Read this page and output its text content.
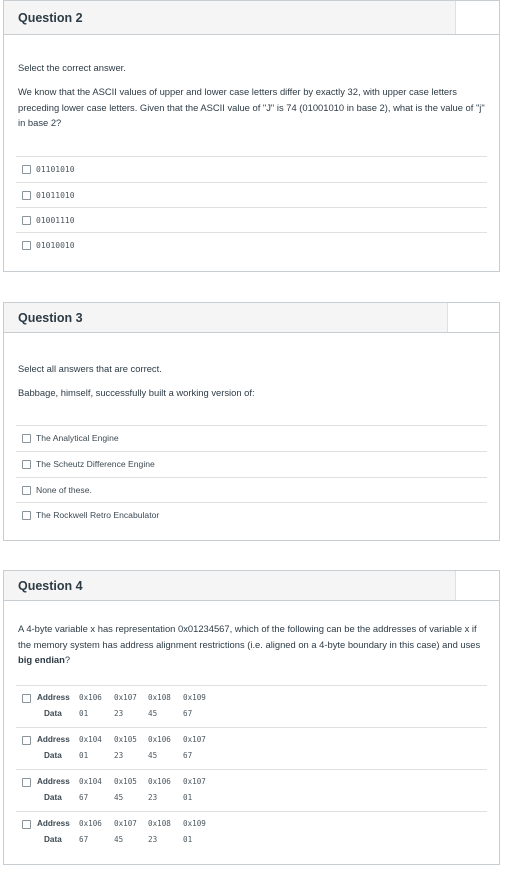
Question 2
Select the correct answer.
We know that the ASCII values of upper and lower case letters differ by exactly 32, with upper case letters preceding lower case letters. Given that the ASCII value of "J" is 74 (01001010 in base 2), what is the value of "j" in base 2?
01101010
01011010
01001110
01010010
Question 3
Select all answers that are correct.
Babbage, himself, successfully built a working version of:
The Analytical Engine
The Scheutz Difference Engine
None of these.
The Rockwell Retro Encabulator
Question 4
A 4-byte variable x has representation 0x01234567, which of the following can be the addresses of variable x if the memory system has address alignment restrictions (i.e. aligned on a 4-byte boundary in this case) and uses big endian?
Address 0x106 0x107 0x108 0x109
Data 01	23	45	67
Address 0x104 0x105 0x106 0x107
Data 01	23	45	67
Address 0x104 0x105 0x106 0x107
Data 67	45	23	01
Address 0x106 0x107 0x108 0x109
Data 67	45	23	01
